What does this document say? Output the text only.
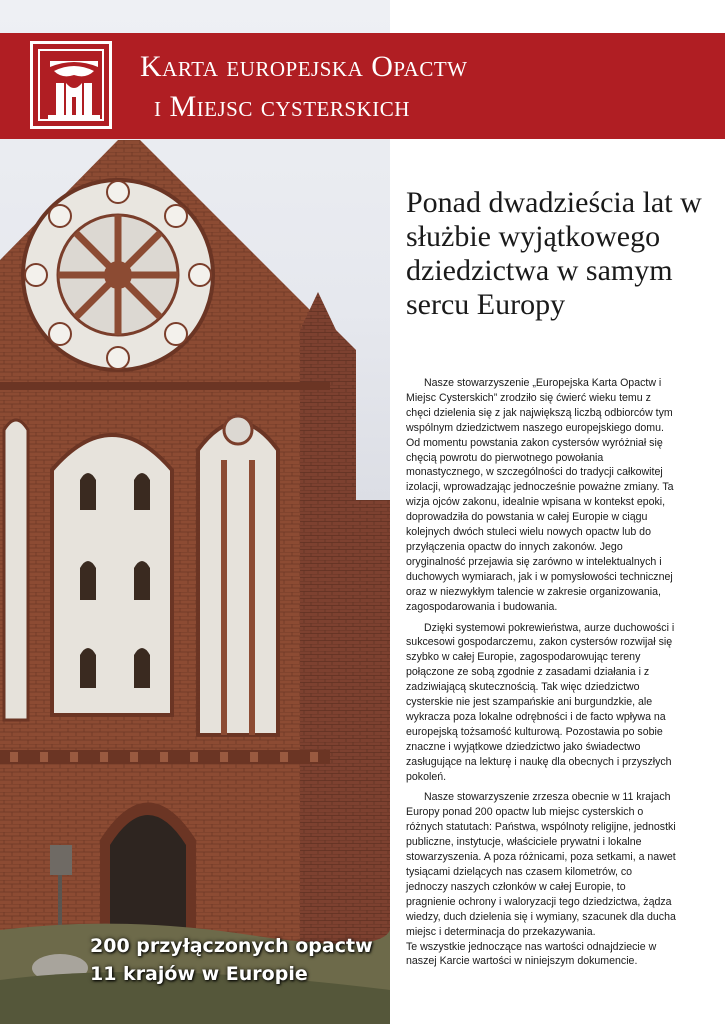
Karta europejska Opactw
i Miejsc cysterskich
Ponad dwadzieścia lat w służbie wyjątkowego dziedzictwa w samym sercu Europy

Nasze stowarzyszenie „Europejska Karta Opactw i Miejsc Cysterskich” zrodziło się ćwierć wieku temu z chęci dzielenia się z jak największą liczbą odbiorców tym wspólnym dziedzictwem naszego europejskiego domu. Od momentu powstania zakon cystersów wyróżniał się chęcią powrotu do pierwotnego powołania monastycznego, w szczególności do tradycji całkowitej izolacji, wprowadzając jednocześnie poważne zmiany. Ta wizja ojców zakonu, idealnie wpisana w kontekst epoki, doprowadziła do powstania w całej Europie w ciągu kolejnych dwóch stuleci wielu nowych opactw lub do przyłączenia opactw do innych zakonów. Jego oryginalność przejawia się zarówno w intelektualnych i duchowych wymiarach, jak i w pomysłowości technicznej oraz w niezwykłym talencie w zakresie organizowania, zagospodarowania i budowania.

Dzięki systemowi pokrewieństwa, aurze duchowości i sukcesowi gospodarczemu, zakon cystersów rozwijał się szybko w całej Europie, zagospodarowując tereny połączone ze sobą zgodnie z zasadami działania i z zadziwiającą skutecznością. Tak więc dziedzictwo cysterskie nie jest szampańskie ani burgundzkie, ale wykracza poza lokalne odrębności i de facto wpływa na europejską tożsamość kulturową. Pozostawia po sobie znaczne i wyjątkowe dziedzictwo jako świadectwo zasługujące na lekturę i naukę dla obecnych i przyszłych pokoleń.

Nasze stowarzyszenie zrzesza obecnie w 11 krajach Europy ponad 200 opactw lub miejsc cysterskich o różnych statutach: Państwa, wspólnoty religijne, jednostki publiczne, instytucje, właściciele prywatni i lokalne stowarzyszenia. A poza różnicami, poza setkami, a nawet tysiącami dzielących nas czasem kilometrów, co jednoczy naszych członków w całej Europie, to pragnienie ochrony i waloryzacji tego dziedzictwa, żądza wiedzy, duch dzielenia się i wymiany, szacunek dla ducha miejsc i determinacja do przekazywania.

Te wszystkie jednoczące nas wartości odnajdziecie w naszej Karcie wartości w niniejszym dokumencie.

200 przyłączonych opactw
11 krajów w Europie
